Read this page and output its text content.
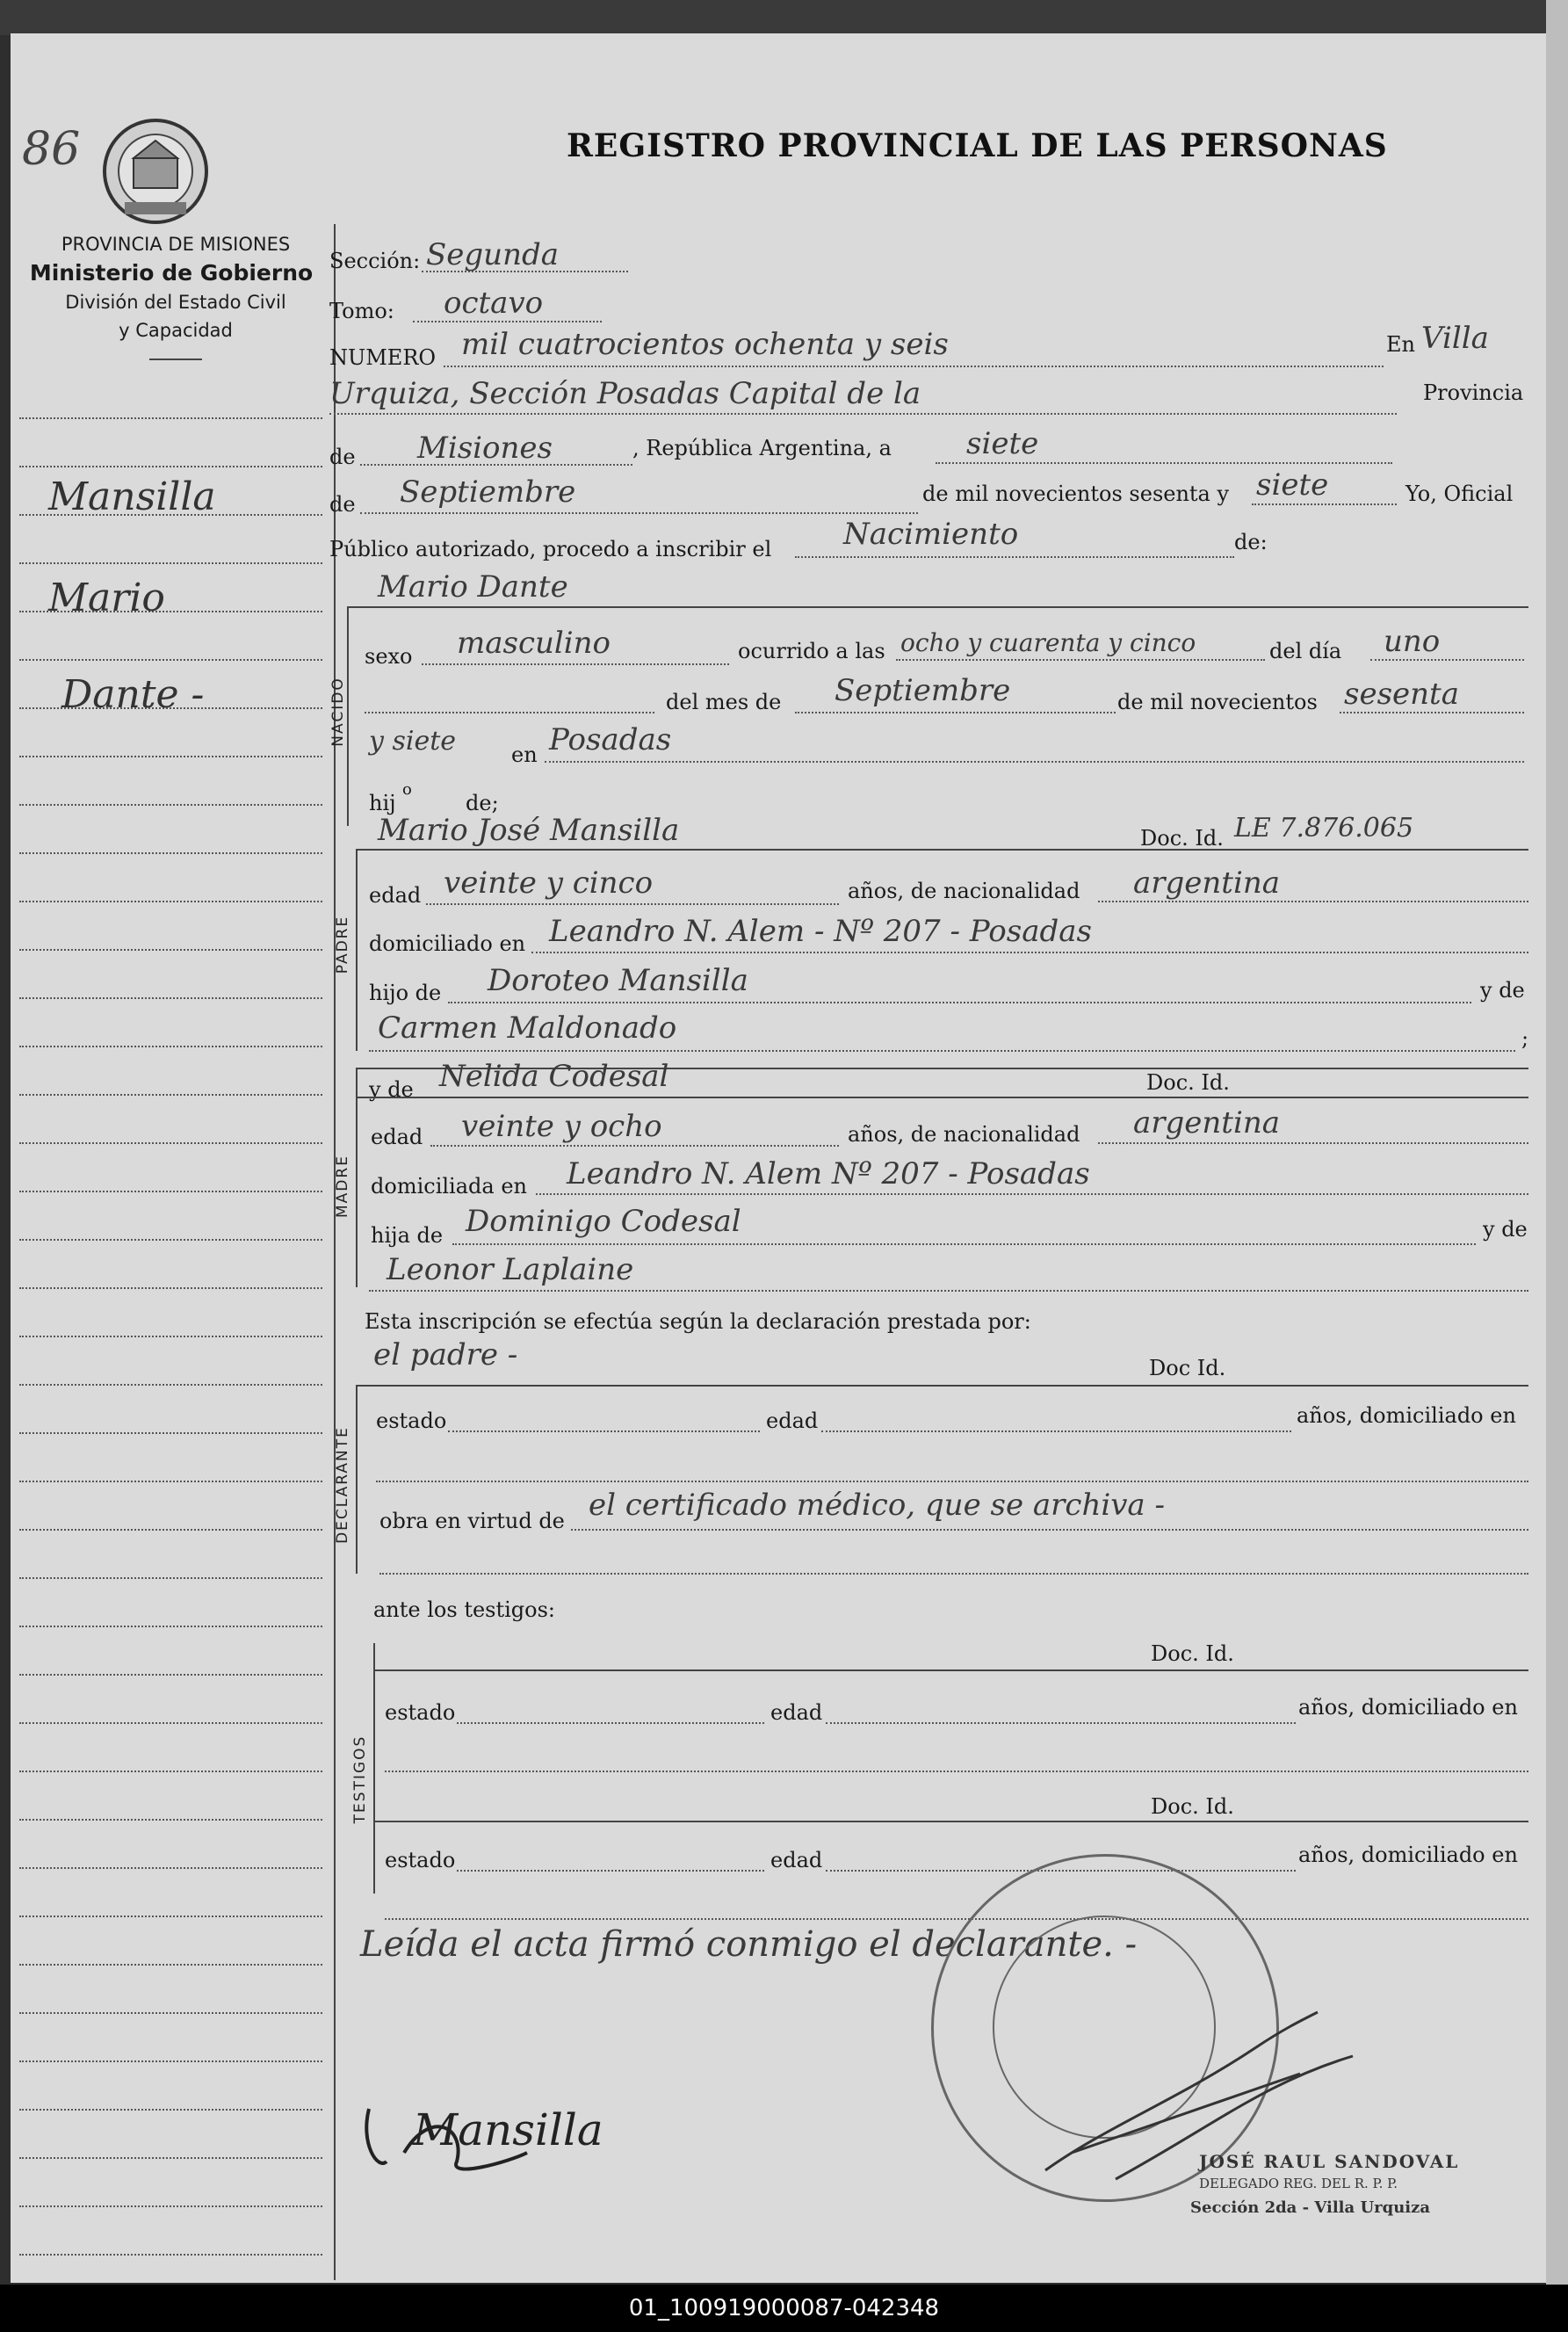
86
PROVINCIA DE MISIONES
Ministerio de Gobierno
División del Estado Civil
y Capacidad
REGISTRO PROVINCIAL DE LAS PERSONAS
Mansilla
Mario
Dante -
Sección: Segunda
Tomo: octavo
NUMERO mil cuatrocientos ochenta y seis	En Villa
Urquiza, Sección Posadas Capital de la	Provincia
de Misiones	, República Argentina, a	siete
de Septiembre	de mil novecientos sesenta y siete	Yo, Oficial
Público autorizado, procedo a inscribir el Nacimiento	de:
Mario Dante
NACIDO
sexo masculino	ocurrido a las ocho y cuarenta y cinco	del día uno
del mes de Septiembre	de mil novecientos sesenta
y siete	en Posadas
hij
o
de;
Mario José Mansilla	Doc. Id. LE 7.876.065
PADRE
edad veinte y cinco	años, de nacionalidad argentina
domiciliado en Leandro N. Alem - Nº 207 - Posadas
hijo de Doroteo Mansilla	y de
Carmen Maldonado	;
y de Nelida Codesal	Doc. Id.
MADRE
edad veinte y ocho	años, de nacionalidad argentina
domiciliada en Leandro N. Alem Nº 207 - Posadas
hija de Dominigo Codesal	y de
Leonor Laplaine
Esta inscripción se efectúa según la declaración prestada por:
el padre -	Doc Id.
DECLARANTE
estado	edad	años, domiciliado en
obra en virtud de el certificado médico, que se archiva -
ante los testigos:
TESTIGOS
Doc. Id.
estado	edad	años, domiciliado en
Doc. Id.
estado	edad	años, domiciliado en
Leída el acta firmó conmigo el declarante. -
Mansilla
JOSÉ RAUL SANDOVAL
DELEGADO REG. DEL R. P. P.
Sección 2da - Villa Urquiza
01_100919000087-042348
